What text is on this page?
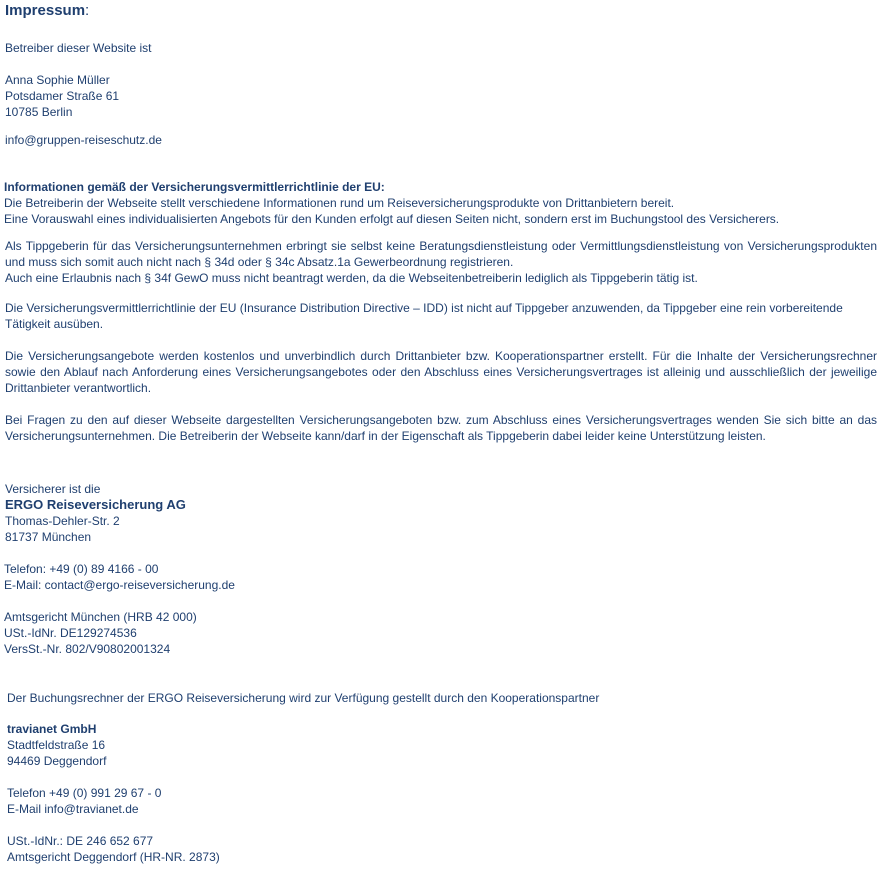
Impressum:
Betreiber dieser Website ist
Anna Sophie Müller
Potsdamer Straße 61
10785 Berlin
info@gruppen-reiseschutz.de
Informationen gemäß der Versicherungsvermittlerrichtlinie der EU:
Die Betreiberin der Webseite stellt verschiedene Informationen rund um Reiseversicherungsprodukte von Drittanbietern bereit.
Eine Vorauswahl eines individualisierten Angebots für den Kunden erfolgt auf diesen Seiten nicht, sondern erst im Buchungstool des Versicherers.
Als Tippgeberin für das Versicherungsunternehmen erbringt sie selbst keine Beratungsdienstleistung oder Vermittlungsdienstleistung von Versicherungsprodukten und muss sich somit auch nicht nach § 34d oder § 34c Absatz.1a Gewerbeordnung registrieren.
Auch eine Erlaubnis nach § 34f GewO muss nicht beantragt werden, da die Webseitenbetreiberin lediglich als Tippgeberin tätig ist.
Die Versicherungsvermittlerrichtlinie der EU (Insurance Distribution Directive – IDD) ist nicht auf Tippgeber anzuwenden, da Tippgeber eine rein vorbereitende Tätigkeit ausüben.
Die Versicherungsangebote werden kostenlos und unverbindlich durch Drittanbieter bzw. Kooperationspartner erstellt. Für die Inhalte der Versicherungsrechner sowie den Ablauf nach Anforderung eines Versicherungsangebotes oder den Abschluss eines Versicherungsvertrages ist alleinig und ausschließlich der jeweilige Drittanbieter verantwortlich.
Bei Fragen zu den auf dieser Webseite dargestellten Versicherungsangeboten bzw. zum Abschluss eines Versicherungsvertrages wenden Sie sich bitte an das Versicherungsunternehmen. Die Betreiberin der Webseite kann/darf in der Eigenschaft als Tippgeberin dabei leider keine Unterstützung leisten.
Versicherer ist die
ERGO Reiseversicherung AG
Thomas-Dehler-Str. 2
81737 München
Telefon: +49 (0) 89 4166 - 00
E-Mail: contact@ergo-reiseversicherung.de
Amtsgericht München (HRB 42 000)
USt.-IdNr. DE129274536
VersSt.-Nr. 802/V90802001324
Der Buchungsrechner der ERGO Reiseversicherung wird zur Verfügung gestellt durch den Kooperationspartner
travianet GmbH
Stadtfeldstraße 16
94469 Deggendorf
Telefon +49 (0) 991 29 67 - 0
E-Mail info@travianet.de
USt.-IdNr.: DE 246 652 677
Amtsgericht Deggendorf (HR-NR. 2873)
